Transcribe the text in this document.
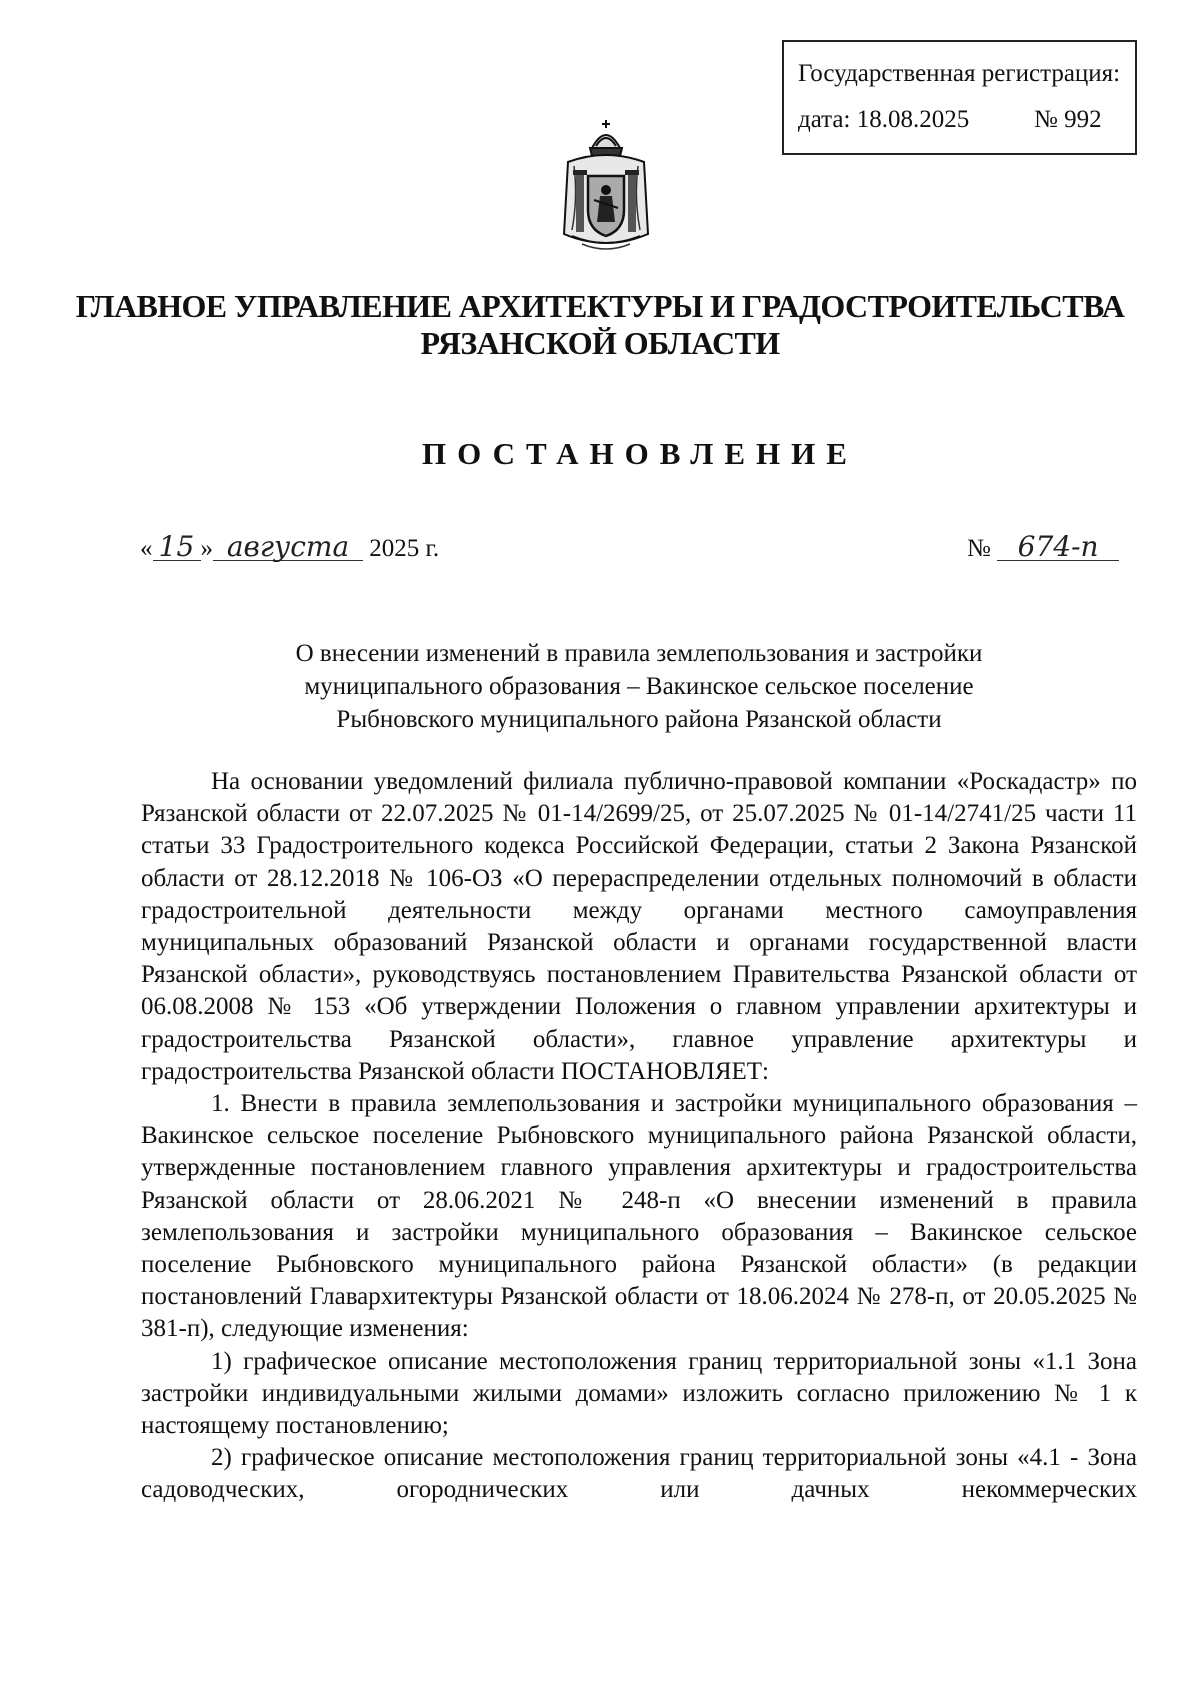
Государственная регистрация:
дата: 18.08.2025	№ 992
ГЛАВНОЕ УПРАВЛЕНИЕ АРХИТЕКТУРЫ И ГРАДОСТРОИТЕЛЬСТВА
РЯЗАНСКОЙ ОБЛАСТИ
ПОСТАНОВЛЕНИЕ
« 15 » августа 2025 г.	№ 674-п
О внесении изменений в правила землепользования и застройки
муниципального образования – Вакинское сельское поселение
Рыбновского муниципального района Рязанской области

На основании уведомлений филиала публично-правовой компании «Роскадастр» по Рязанской области от 22.07.2025 № 01-14/2699/25, от 25.07.2025 № 01-14/2741/25 части 11 статьи 33 Градостроительного кодекса Российской Федерации, статьи 2 Закона Рязанской области от 28.12.2018 № 106-ОЗ «О перераспределении отдельных полномочий в области градостроительной деятельности между органами местного самоуправления муниципальных образований Рязанской области и органами государственной власти Рязанской области», руководствуясь постановлением Правительства Рязанской области от 06.08.2008 № 153 «Об утверждении Положения о главном управлении архитектуры и градостроительства Рязанской области», главное управление архитектуры и градостроительства Рязанской области ПОСТАНОВЛЯЕТ:

1. Внести в правила землепользования и застройки муниципального образования – Вакинское сельское поселение Рыбновского муниципального района Рязанской области, утвержденные постановлением главного управления архитектуры и градостроительства Рязанской области от 28.06.2021 № 248-п «О внесении изменений в правила землепользования и застройки муниципального образования – Вакинское сельское поселение Рыбновского муниципального района Рязанской области» (в редакции постановлений Главархитектуры Рязанской области от 18.06.2024 № 278-п, от 20.05.2025 № 381-п), следующие изменения:

1) графическое описание местоположения границ территориальной зоны «1.1 Зона застройки индивидуальными жилыми домами» изложить согласно приложению № 1 к настоящему постановлению;

2) графическое описание местоположения границ территориальной зоны «4.1 - Зона садоводческих, огороднических или дачных некоммерческих
